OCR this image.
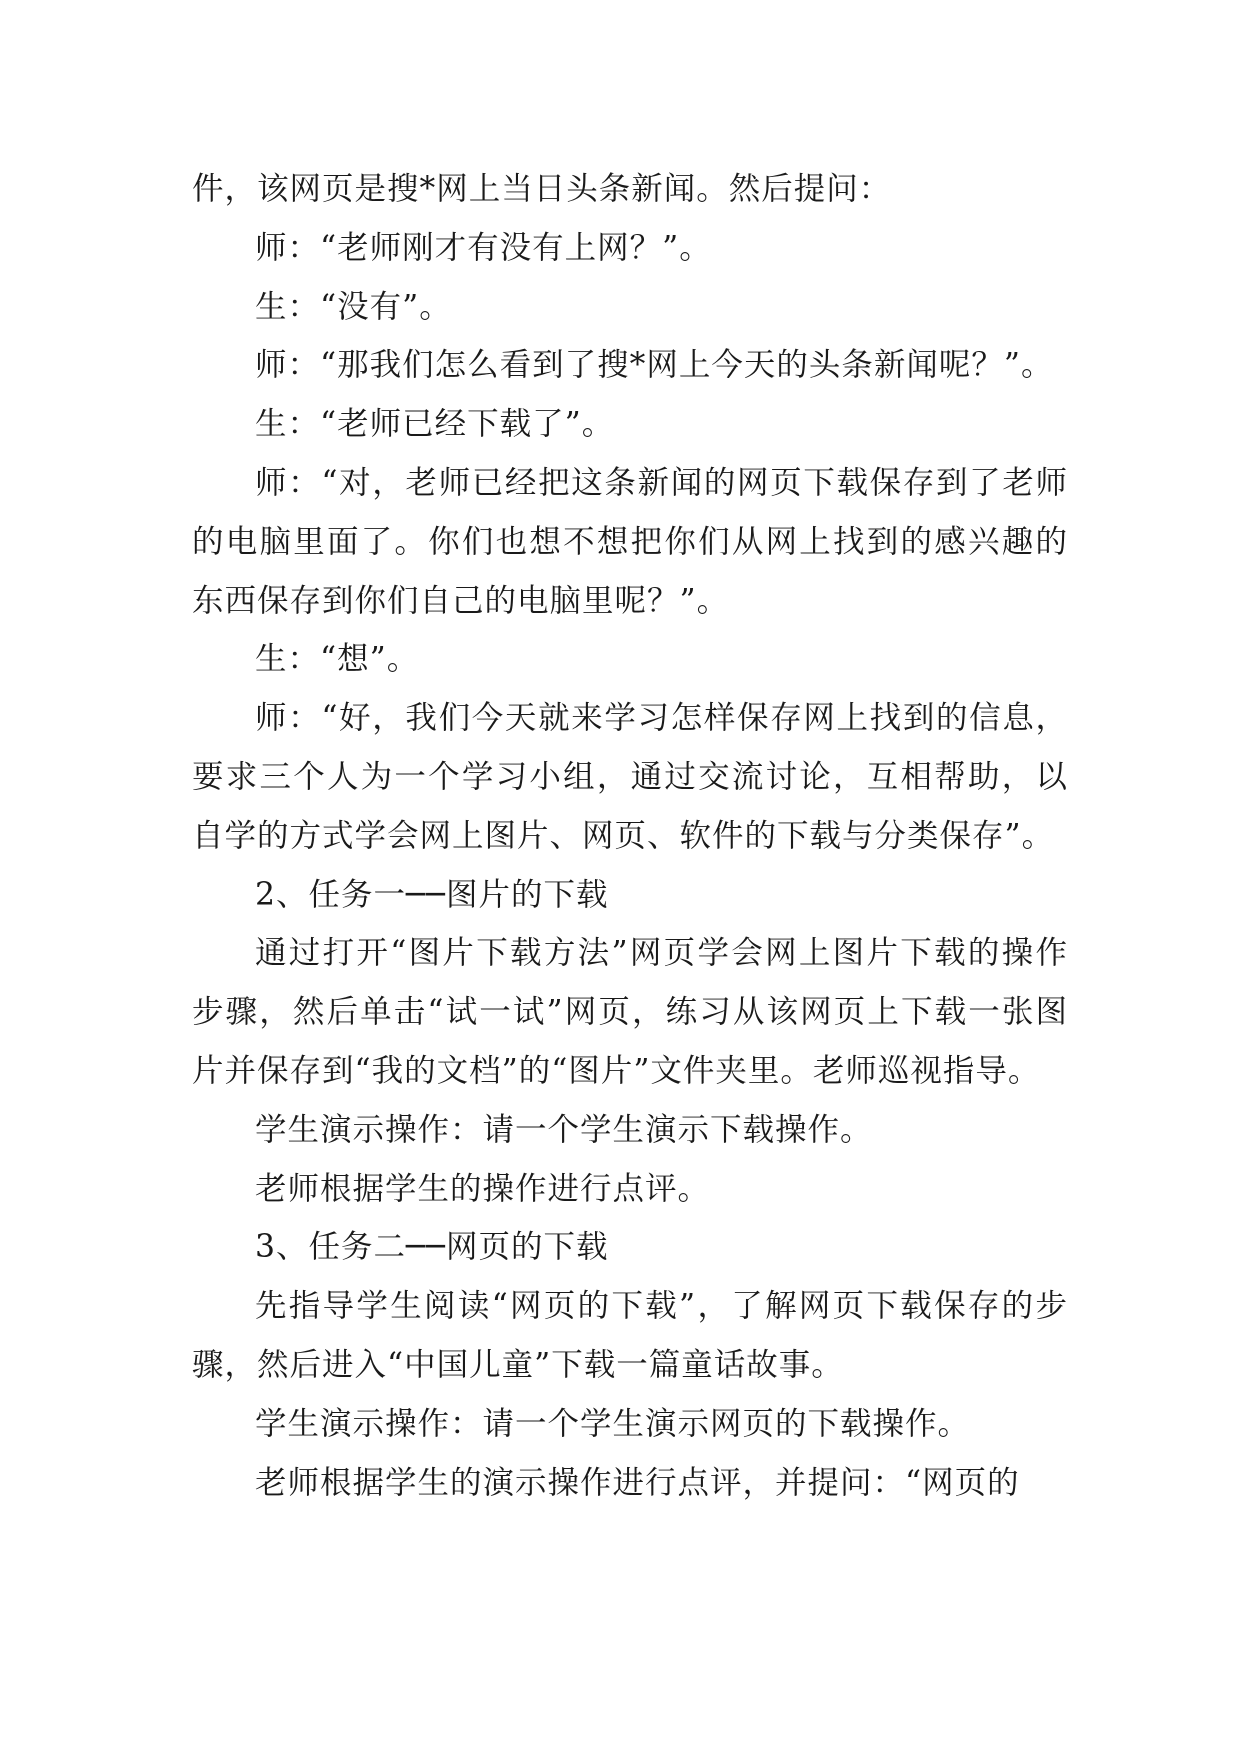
件，该网页是搜*网上当日头条新闻。然后提问：

师：“老师刚才有没有上网？”。

生：“没有”。

师：“那我们怎么看到了搜*网上今天的头条新闻呢？”。

生：“老师已经下载了”。

师：“对，老师已经把这条新闻的网页下载保存到了老师的电脑里面了。你们也想不想把你们从网上找到的感兴趣的东西保存到你们自己的电脑里呢？”。

生：“想”。

师：“好，我们今天就来学习怎样保存网上找到的信息，要求三个人为一个学习小组，通过交流讨论，互相帮助，以自学的方式学会网上图片、网页、软件的下载与分类保存”。

2、任务一──图片的下载

通过打开“图片下载方法”网页学会网上图片下载的操作步骤，然后单击“试一试”网页，练习从该网页上下载一张图片并保存到“我的文档”的“图片”文件夹里。老师巡视指导。

学生演示操作：请一个学生演示下载操作。

老师根据学生的操作进行点评。

3、任务二──网页的下载

先指导学生阅读“网页的下载”，了解网页下载保存的步骤，然后进入“中国儿童”下载一篇童话故事。

学生演示操作：请一个学生演示网页的下载操作。

老师根据学生的演示操作进行点评，并提问：“网页的
